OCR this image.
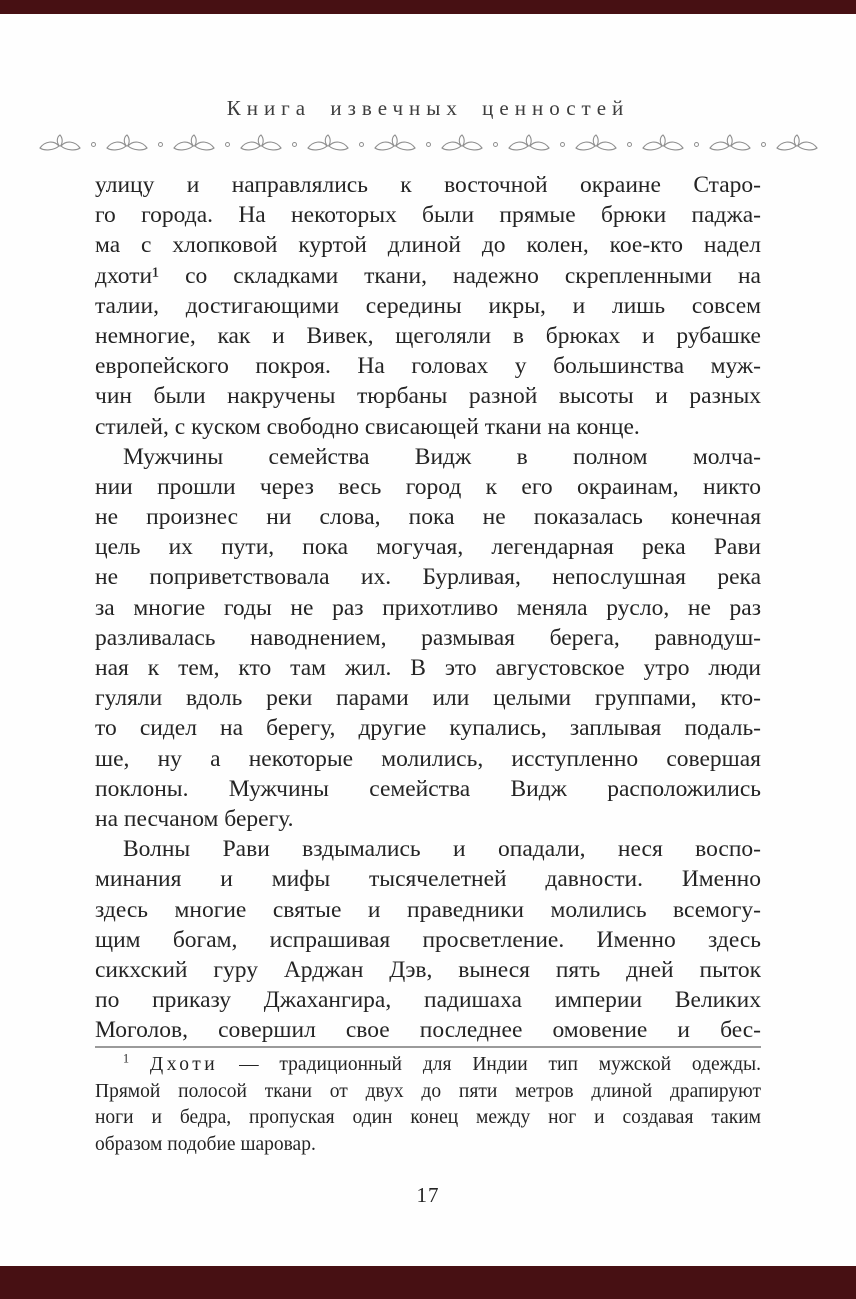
Книга извечных ценностей
улицу и направлялись к восточной окраине Старо-
го города. На некоторых были прямые брюки паджа-
ма с хлопковой куртой длиной до колен, кое-кто надел
дхоти¹ со складками ткани, надежно скрепленными на
талии, достигающими середины икры, и лишь совсем
немногие, как и Вивек, щеголяли в брюках и рубашке
европейского покроя. На головах у большинства муж-
чин были накручены тюрбаны разной высоты и разных
стилей, с куском свободно свисающей ткани на конце.
Мужчины семейства Видж в полном молча-
нии прошли через весь город к его окраинам, никто
не произнес ни слова, пока не показалась конечная
цель их пути, пока могучая, легендарная река Рави
не поприветствовала их. Бурливая, непослушная река
за многие годы не раз прихотливо меняла русло, не раз
разливалась наводнением, размывая берега, равнодуш-
ная к тем, кто там жил. В это августовское утро люди
гуляли вдоль реки парами или целыми группами, кто-
то сидел на берегу, другие купались, заплывая подаль-
ше, ну а некоторые молились, исступленно совершая
поклоны. Мужчины семейства Видж расположились
на песчаном берегу.
Волны Рави вздымались и опадали, неся воспо-
минания и мифы тысячелетней давности. Именно
здесь многие святые и праведники молились всемогу-
щим богам, испрашивая просветление. Именно здесь
сикхский гуру Арджан Дэв, вынеся пять дней пыток
по приказу Джахангира, падишаха империи Великих
Моголов, совершил свое последнее омовение и бес-
$^1$ Дхоти — традиционный для Индии тип мужской одежды.
Прямой полосой ткани от двух до пяти метров длиной драпируют
ноги и бедра, пропуская один конец между ног и создавая таким
образом подобие шаровар.
17
